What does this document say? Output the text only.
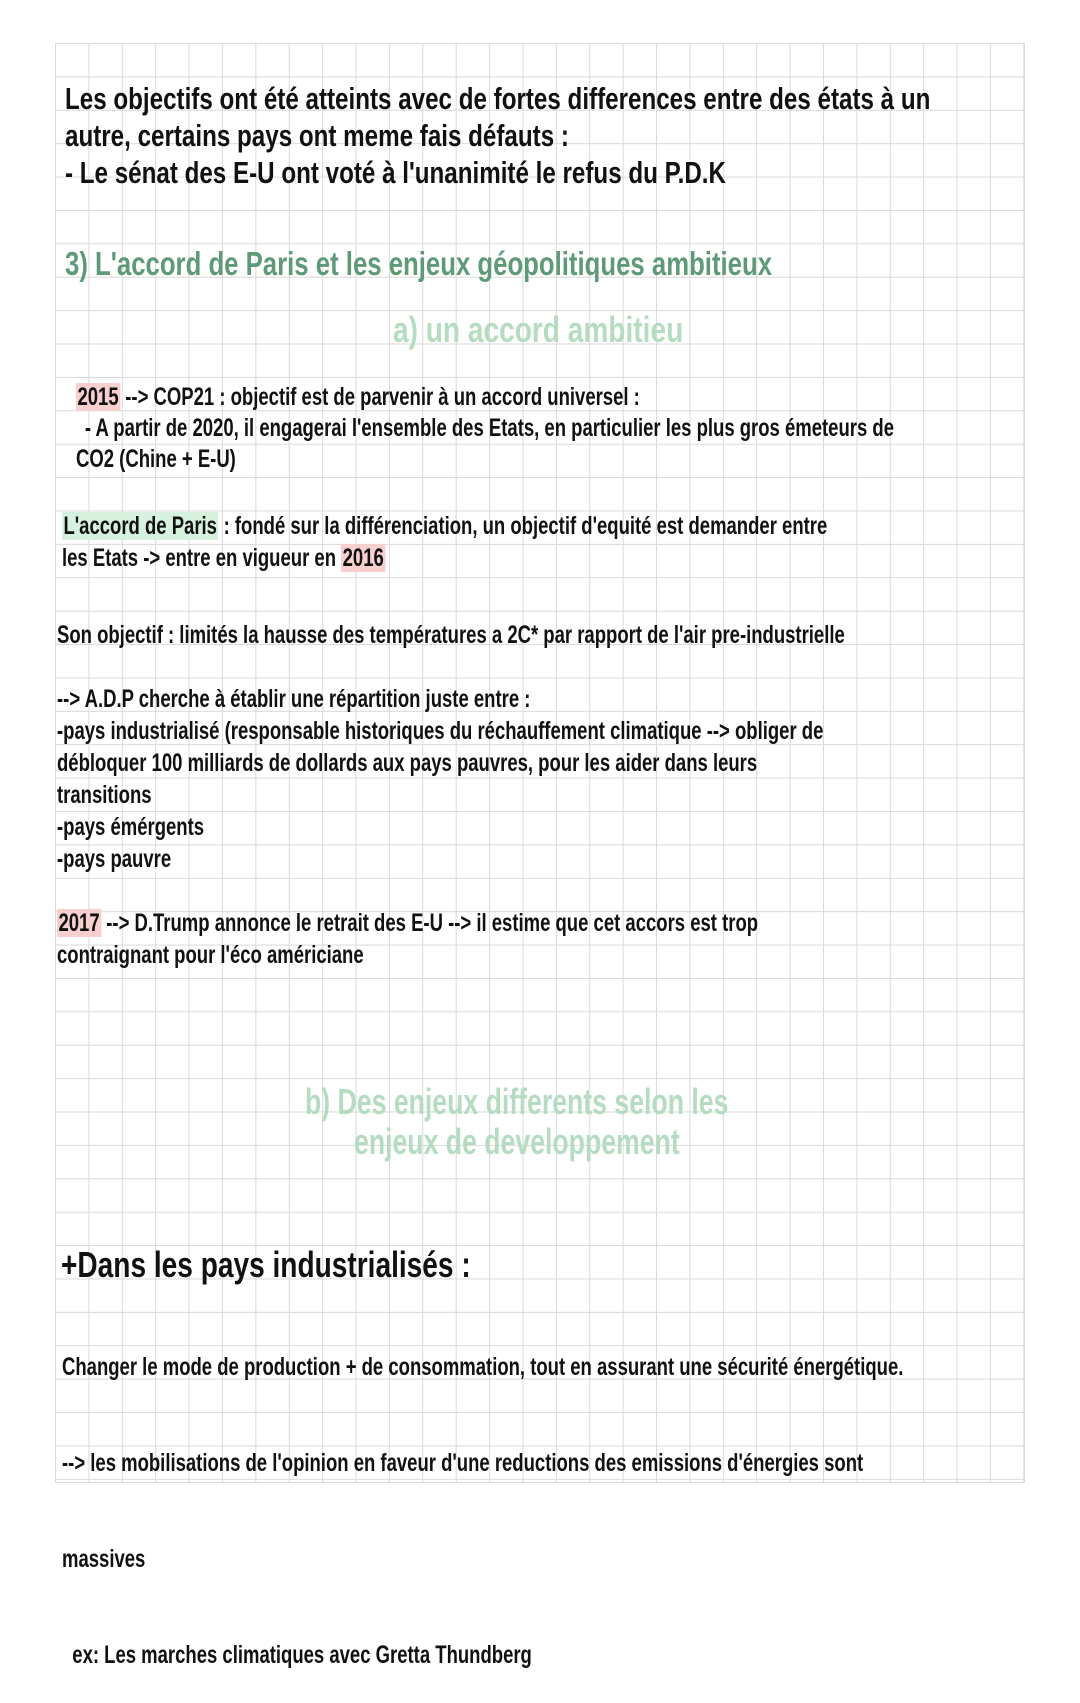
Les objectifs ont été atteints avec de fortes differences entre des états à un
autre, certains pays ont meme fais défauts :
- Le sénat des E-U ont voté à l'unanimité le refus du P.D.K
3) L'accord de Paris et les enjeux géopolitiques ambitieux
a) un accord ambitieu
2015 --> COP21 : objectif est de parvenir à un accord universel :
- A partir de 2020, il engagerai l'ensemble des Etats, en particulier les plus gros émeteurs de
CO2 (Chine + E-U)
L'accord de Paris : fondé sur la différenciation, un objectif d'equité est demander entre
les Etats -> entre en vigueur en 2016
Son objectif : limités la hausse des températures a 2C* par rapport de l'air pre-industrielle
--> A.D.P cherche à établir une répartition juste entre :
-pays industrialisé (responsable historiques du réchauffement climatique --> obliger de
débloquer 100 milliards de dollards aux pays pauvres, pour les aider dans leurs
transitions
-pays émérgents
-pays pauvre
2017 --> D.Trump annonce le retrait des E-U --> il estime que cet accors est trop
contraignant pour l'éco américiane
b) Des enjeux differents selon les
enjeux de developpement
+Dans les pays industrialisés :

Changer le mode de production + de consommation, tout en assurant une sécurité énergétique.

--> les mobilisations de l'opinion en faveur d'une reductions des emissions d'énergies sont

massives

ex: Les marches climatiques avec Gretta Thundberg
